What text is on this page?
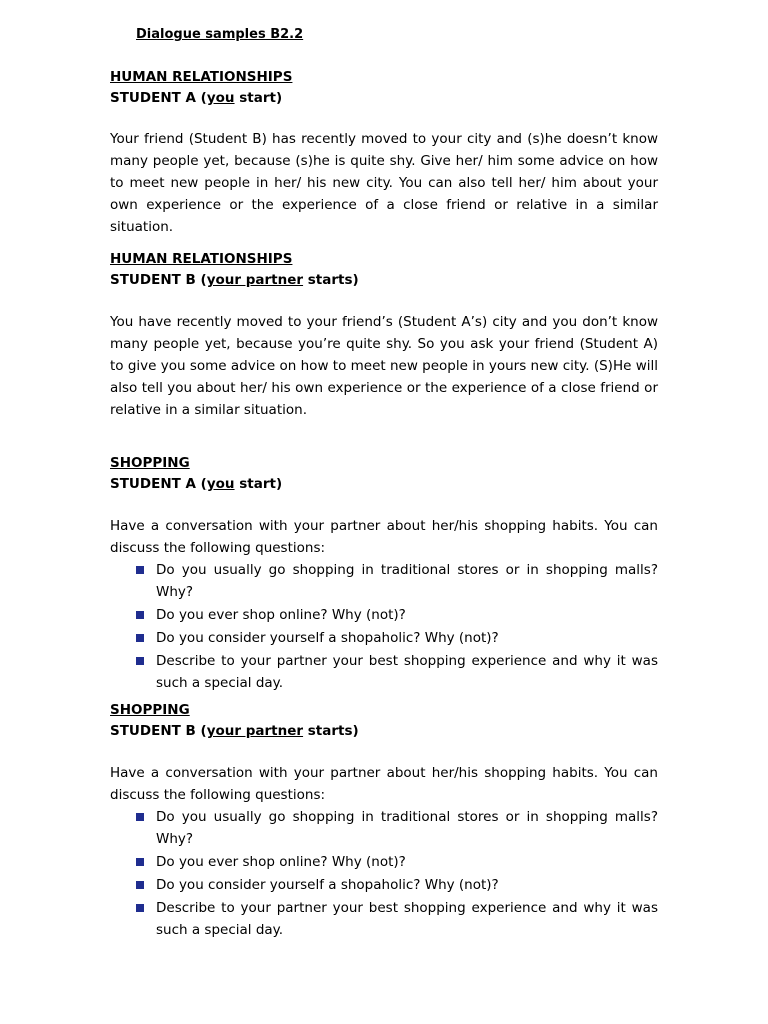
Dialogue samples B2.2
HUMAN RELATIONSHIPS
STUDENT A (you start)

Your friend (Student B) has recently moved to your city and (s)he doesn’t know many people yet, because (s)he is quite shy. Give her/ him some advice on how to meet new people in her/ his new city. You can also tell her/ him about your own experience or the experience of a close friend or relative in a similar situation.

HUMAN RELATIONSHIPS
STUDENT B (your partner starts)

You have recently moved to your friend’s (Student A’s) city and you don’t know many people yet, because you’re quite shy. So you ask your friend (Student A) to give you some advice on how to meet new people in yours new city. (S)He will also tell you about her/ his own experience or the experience of a close friend or relative in a similar situation.

SHOPPING
STUDENT A (you start)

Have a conversation with your partner about her/his shopping habits. You can discuss the following questions:

Do you usually go shopping in traditional stores or in shopping malls? Why?
Do you ever shop online? Why (not)?
Do you consider yourself a shopaholic? Why (not)?
Describe to your partner your best shopping experience and why it was such a special day.
SHOPPING
STUDENT B (your partner starts)

Have a conversation with your partner about her/his shopping habits. You can discuss the following questions:

Do you usually go shopping in traditional stores or in shopping malls? Why?
Do you ever shop online? Why (not)?
Do you consider yourself a shopaholic? Why (not)?
Describe to your partner your best shopping experience and why it was such a special day.
